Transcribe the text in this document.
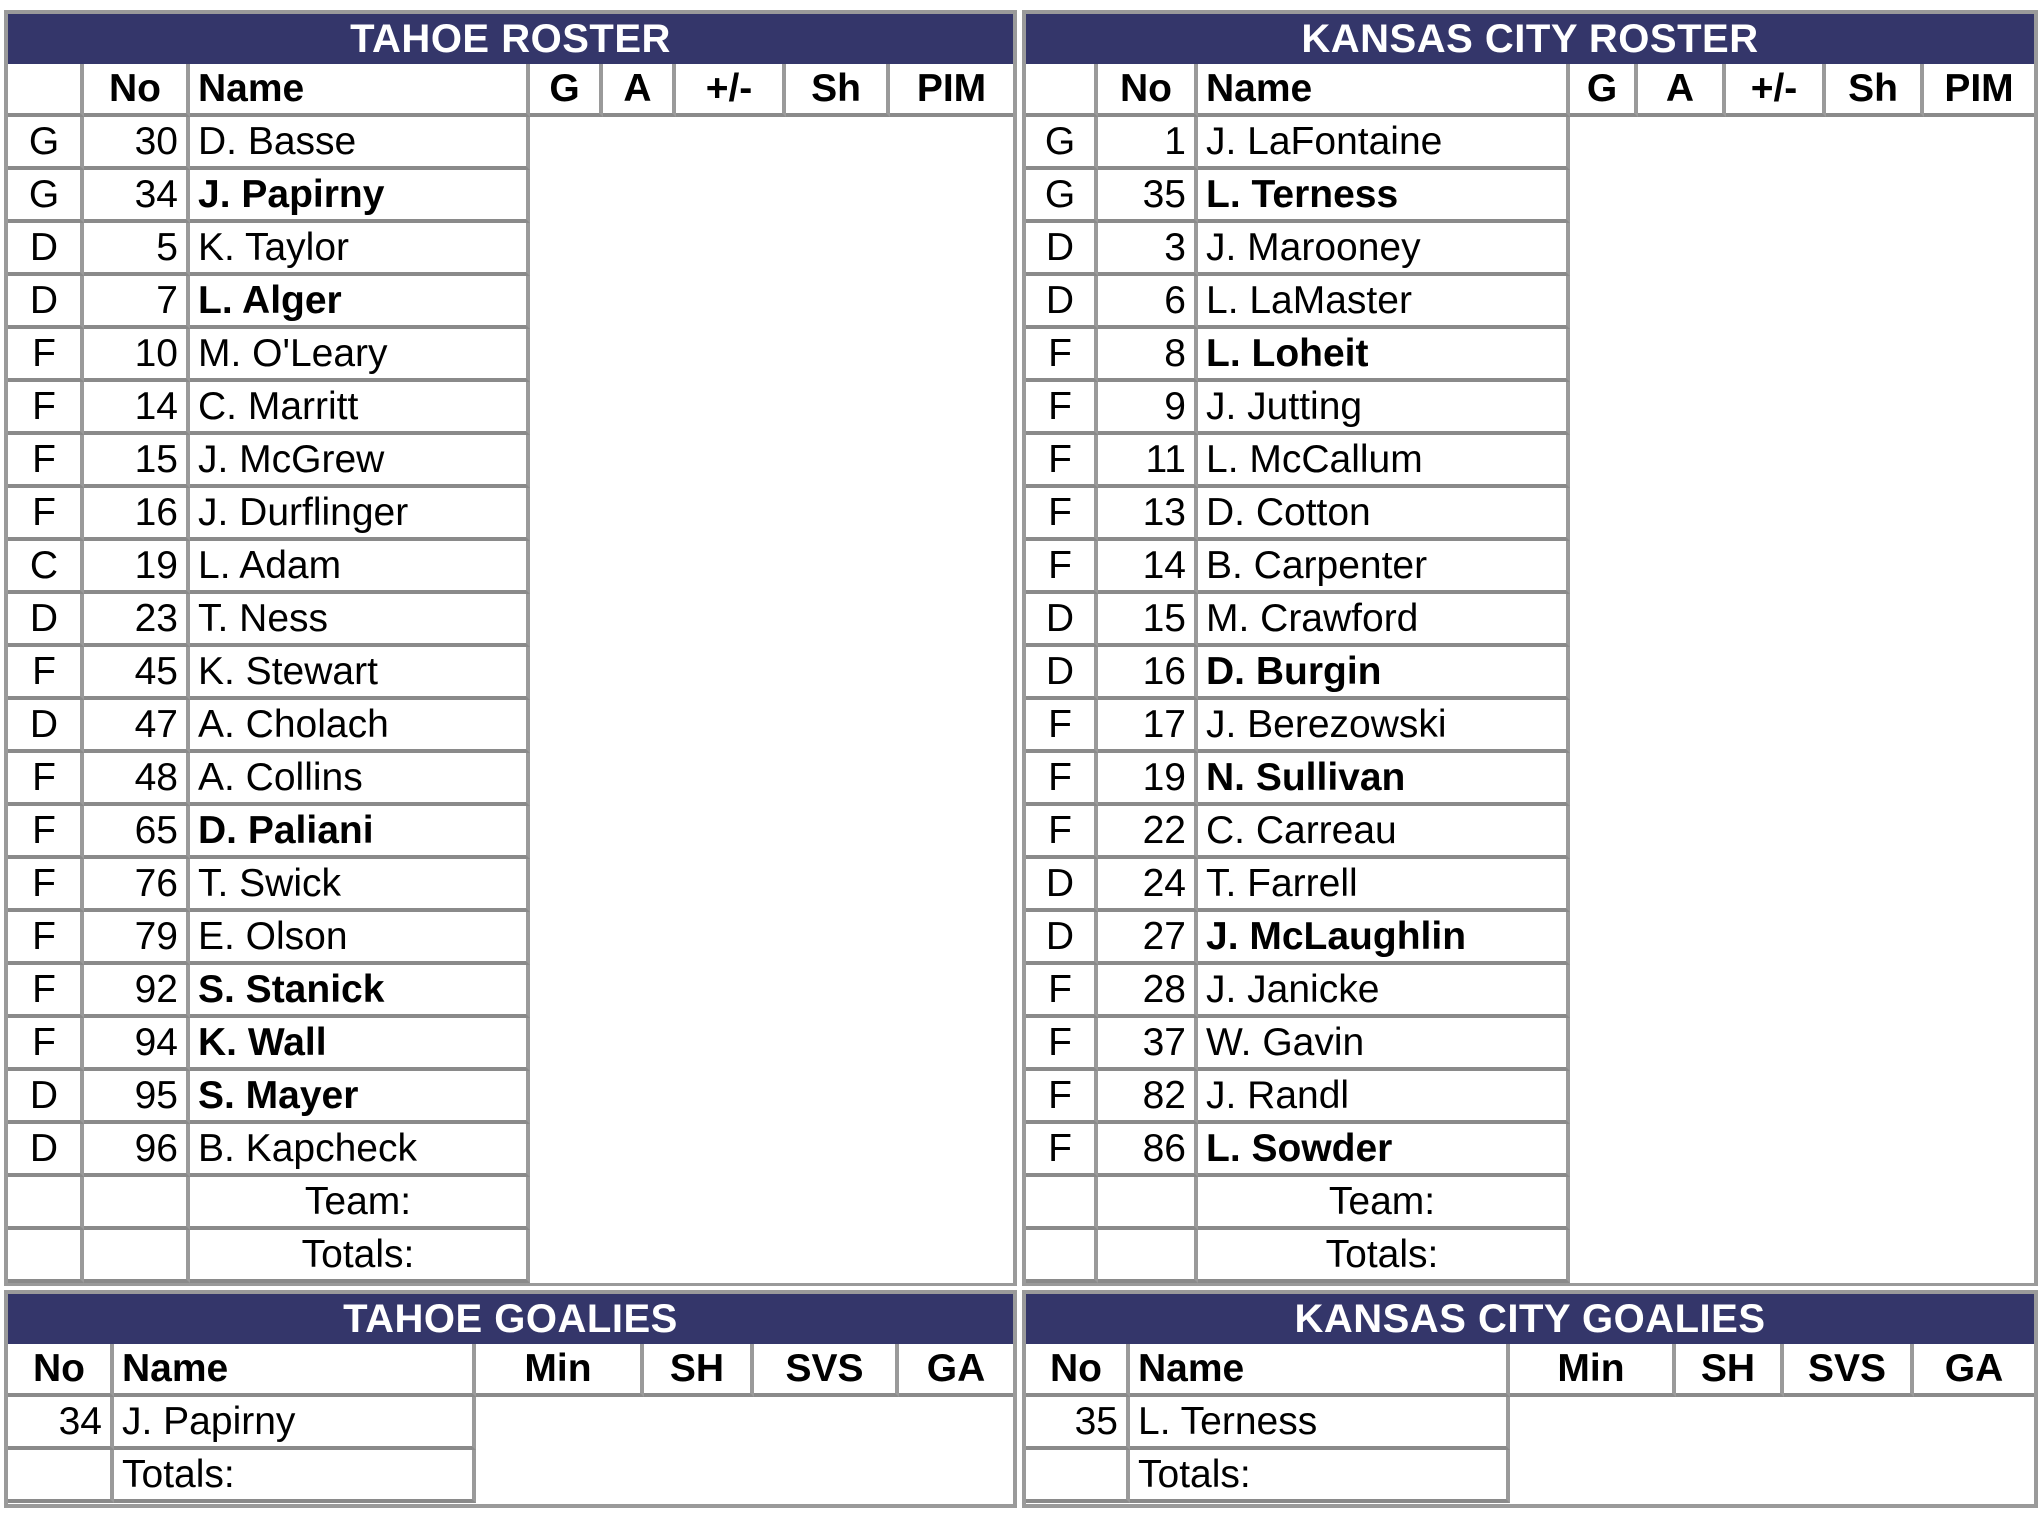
TAHOE ROSTER
	No	Name	G	A	+/-	Sh	PIM
G	30	D. Basse					
G	34	J. Papirny					
D	5	K. Taylor					
D	7	L. Alger					
F	10	M. O'Leary					
F	14	C. Marritt					
F	15	J. McGrew					
F	16	J. Durflinger					
C	19	L. Adam					
D	23	T. Ness					
F	45	K. Stewart					
D	47	A. Cholach					
F	48	A. Collins					
F	65	D. Paliani					
F	76	T. Swick					
F	79	E. Olson					
F	92	S. Stanick					
F	94	K. Wall					
D	95	S. Mayer					
D	96	B. Kapcheck					
		Team:					
		Totals:					
KANSAS CITY ROSTER
	No	Name	G	A	+/-	Sh	PIM
G	1	J. LaFontaine					
G	35	L. Terness					
D	3	J. Marooney					
D	6	L. LaMaster					
F	8	L. Loheit					
F	9	J. Jutting					
F	11	L. McCallum					
F	13	D. Cotton					
F	14	B. Carpenter					
D	15	M. Crawford					
D	16	D. Burgin					
F	17	J. Berezowski					
F	19	N. Sullivan					
F	22	C. Carreau					
D	24	T. Farrell					
D	27	J. McLaughlin					
F	28	J. Janicke					
F	37	W. Gavin					
F	82	J. Randl					
F	86	L. Sowder					
		Team:					
		Totals:					
TAHOE GOALIES
No	Name	Min	SH	SVS	GA
34	J. Papirny				
	Totals:				
KANSAS CITY GOALIES
No	Name	Min	SH	SVS	GA
35	L. Terness				
	Totals:				
